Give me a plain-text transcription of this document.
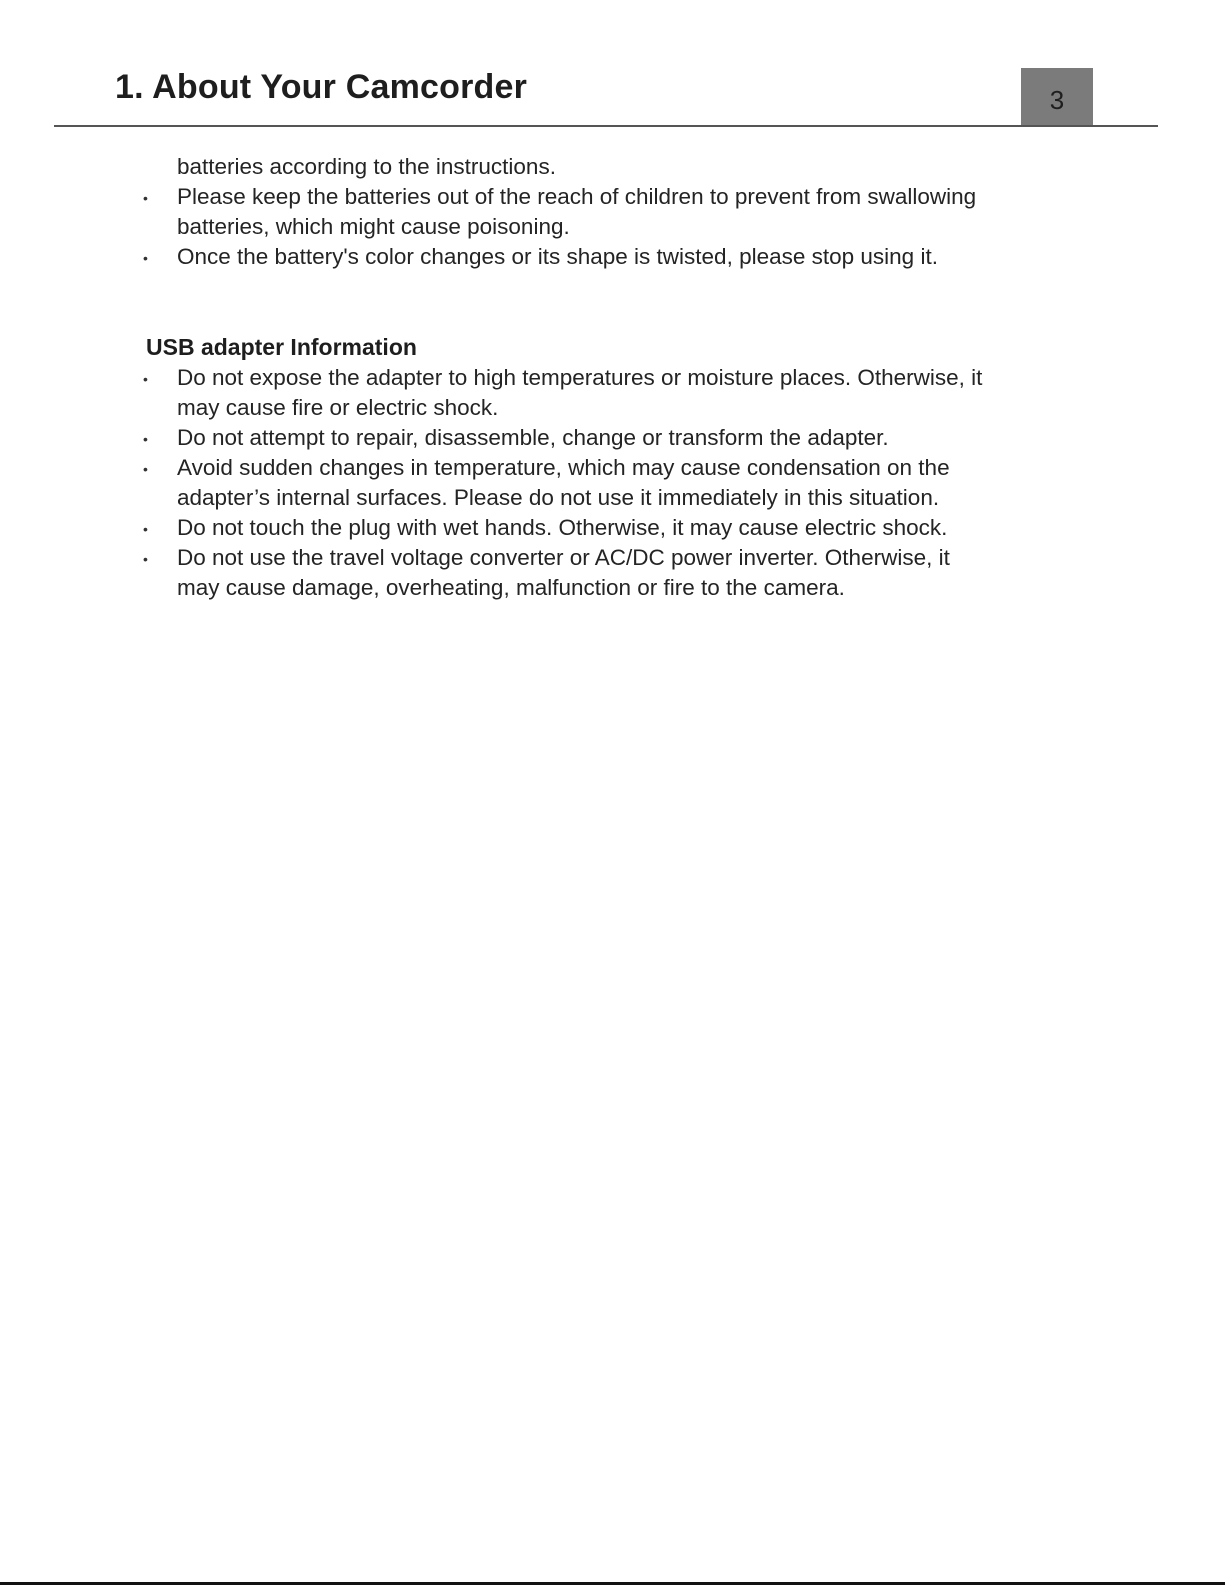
1. About Your Camcorder	3
batteries according to the instructions.
• Please keep the batteries out of the reach of children to prevent from swallowing
batteries, which might cause poisoning.
• Once the battery's color changes or its shape is twisted, please stop using it.
USB adapter Information
• Do not expose the adapter to high temperatures or moisture places. Otherwise, it
may cause fire or electric shock.
• Do not attempt to repair, disassemble, change or transform the adapter.
• Avoid sudden changes in temperature, which may cause condensation on the
adapter’s internal surfaces. Please do not use it immediately in this situation.
• Do not touch the plug with wet hands. Otherwise, it may cause electric shock.
• Do not use the travel voltage converter or AC/DC power inverter. Otherwise, it
may cause damage, overheating, malfunction or fire to the camera.
